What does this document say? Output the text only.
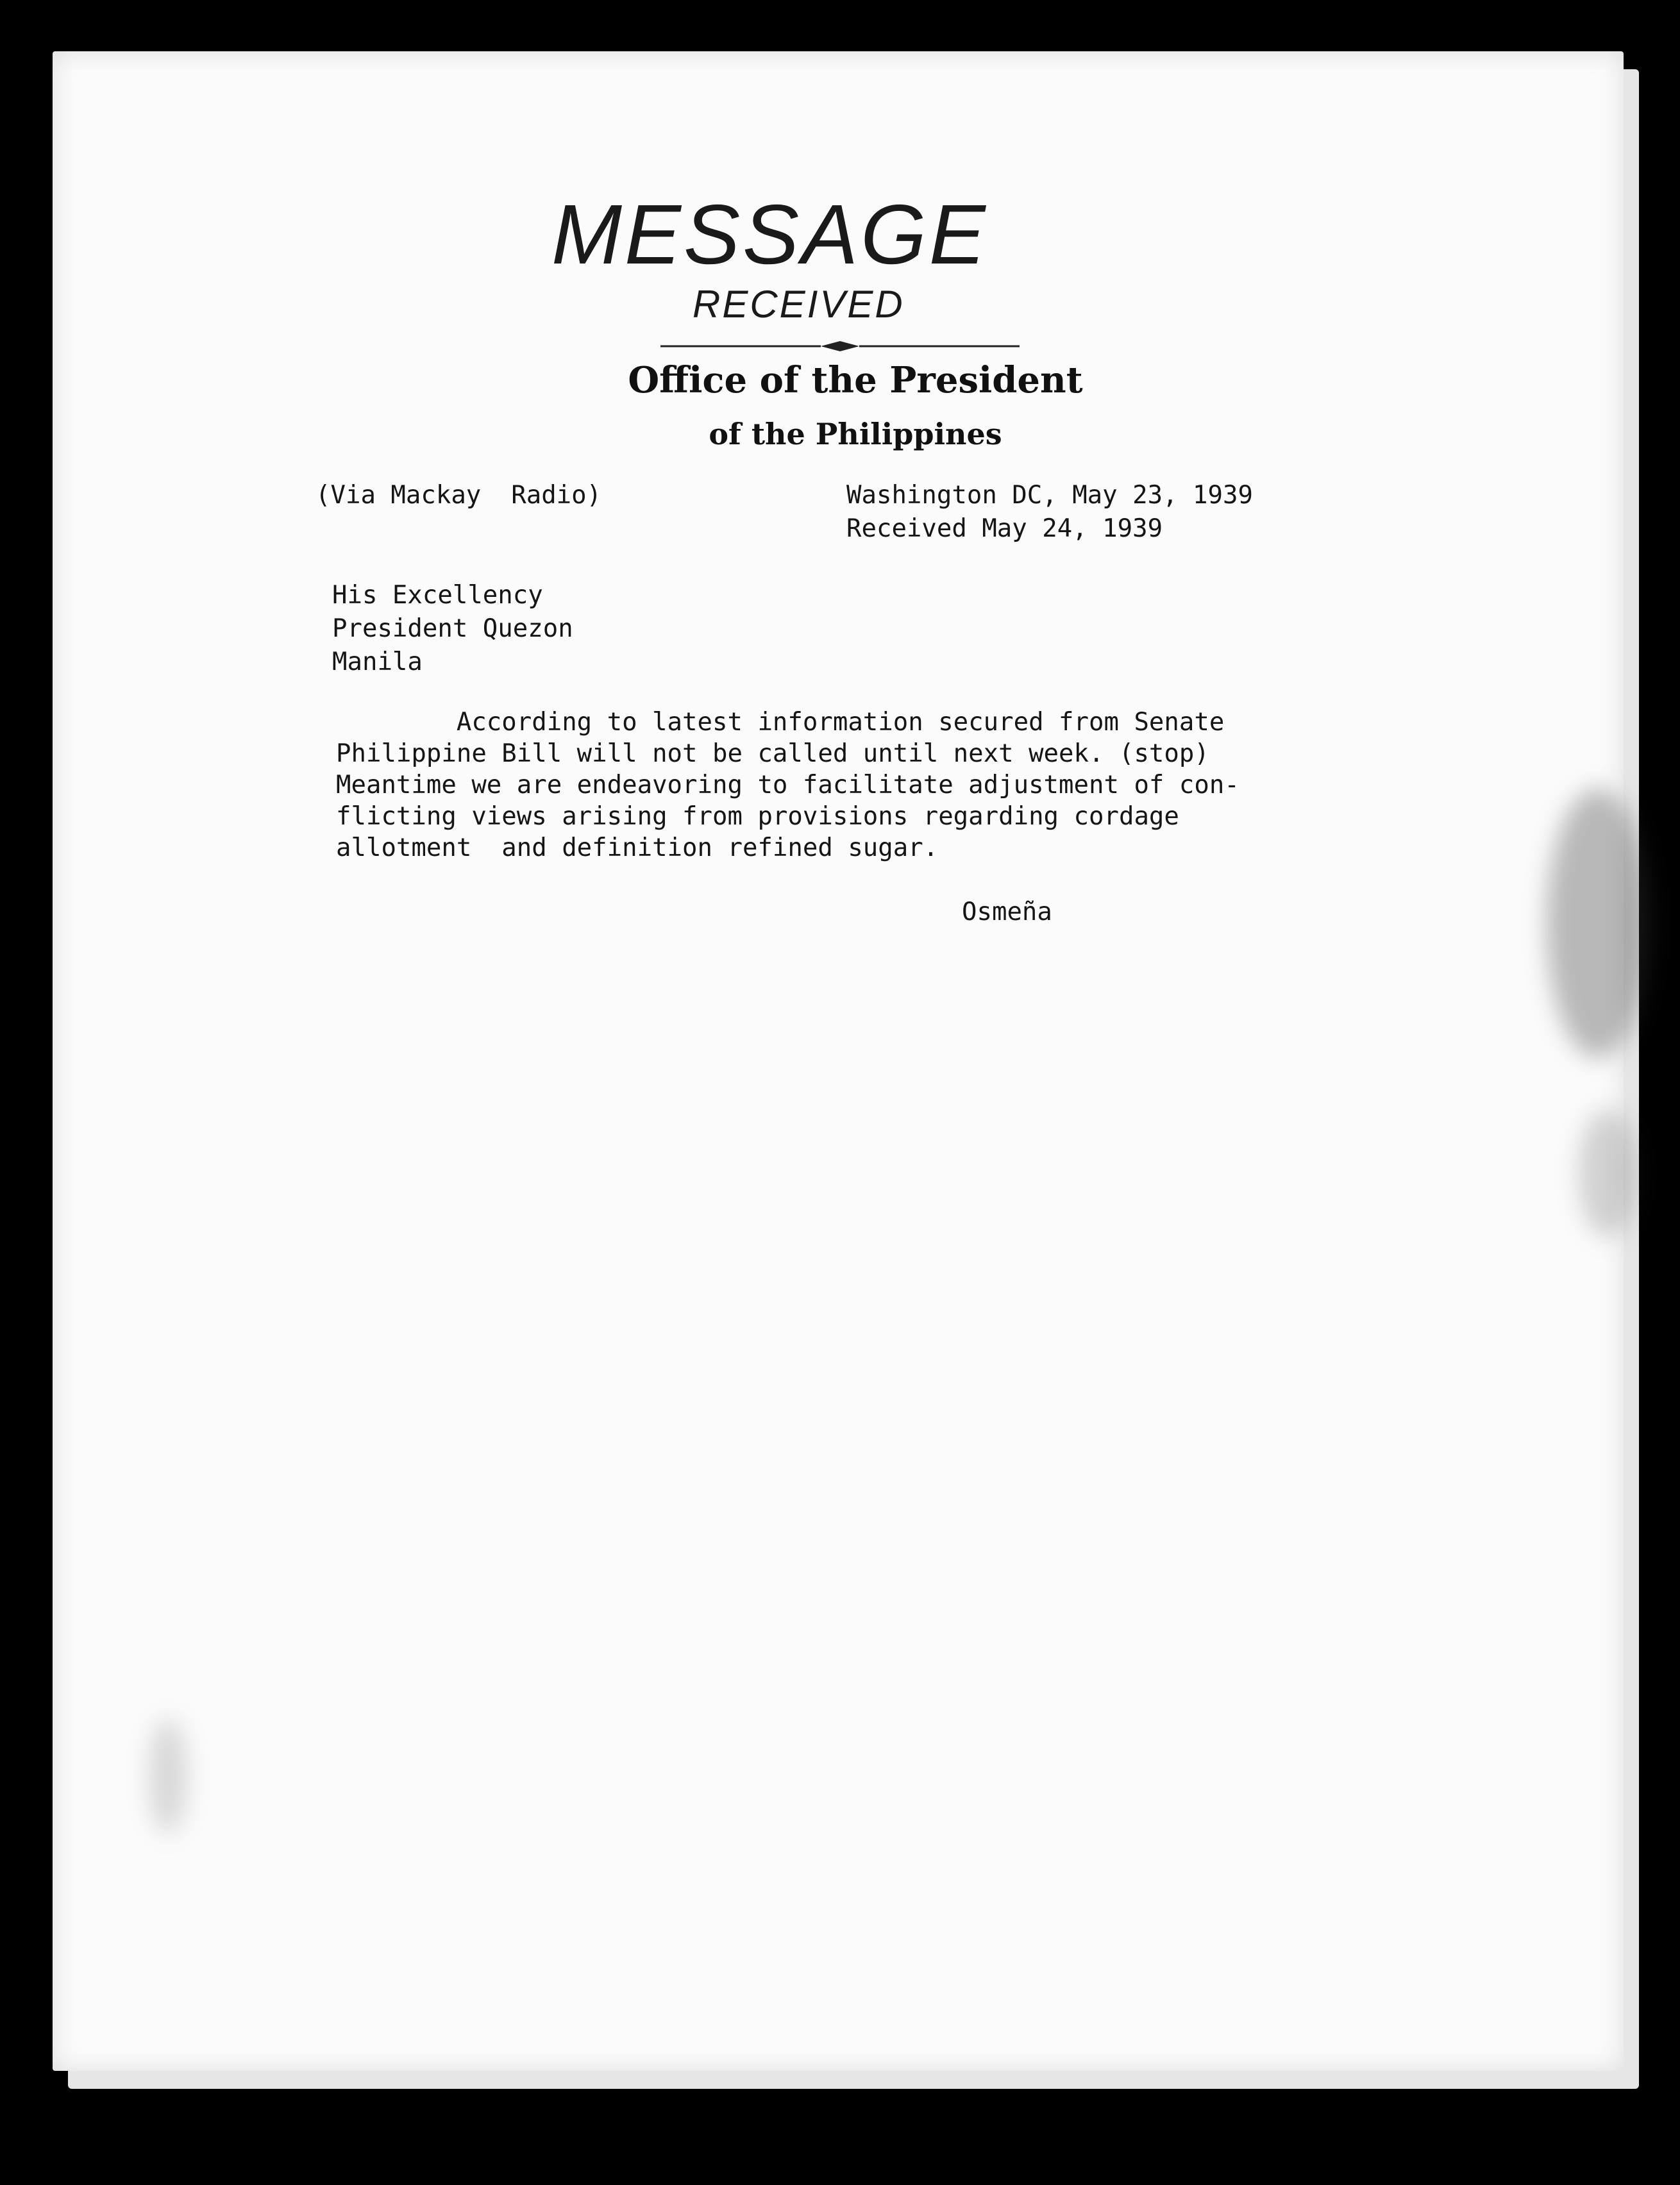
MESSAGE
RECEIVED
Office of the President
of the Philippines
(Via Mackay  Radio)	Washington DC, May 23, 1939
Received May 24, 1939
His Excellency
President Quezon
Manila
According to latest information secured from Senate
Philippine Bill will not be called until next week. (stop)
Meantime we are endeavoring to facilitate adjustment of con-
flicting views arising from provisions regarding cordage
allotment  and definition refined sugar.
Osmeña
